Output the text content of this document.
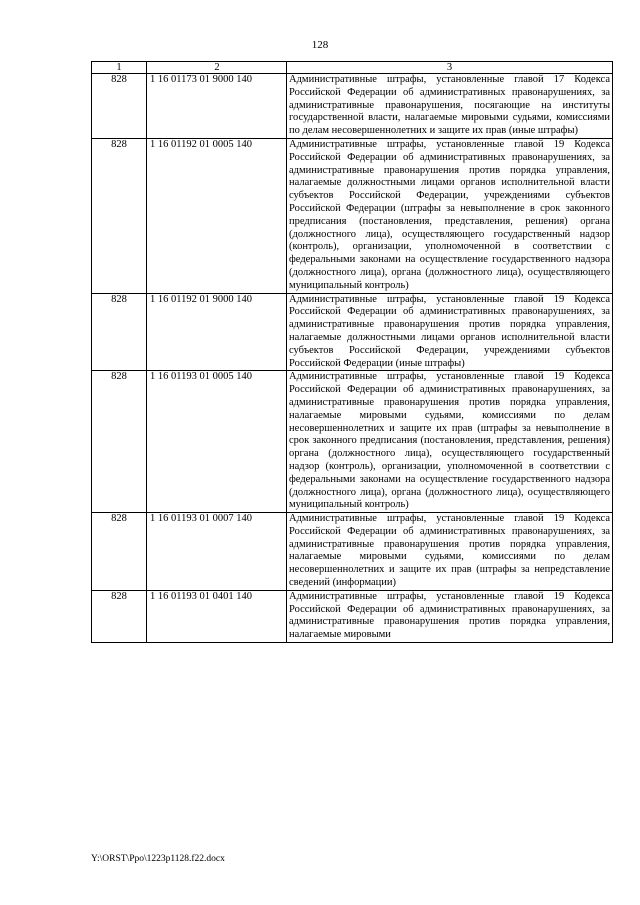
128
1	2	3
828	1 16 01173 01 9000 140	Административные штрафы, установленные главой 17 Кодекса Российской Федерации об административных правонарушениях, за административные правонарушения, посягающие на институты государственной власти, налагаемые мировыми судьями, комиссиями по делам несовершеннолетних и защите их прав (иные штрафы)
828	1 16 01192 01 0005 140	Административные штрафы, установленные главой 19 Кодекса Российской Федерации об административных правонарушениях, за административные правонарушения против порядка управления, налагаемые должностными лицами органов исполнительной власти субъектов Российской Федерации, учреждениями субъектов Российской Федерации (штрафы за невыполнение в срок законного предписания (постановления, представления, решения) органа (должностного лица), осуществляющего государственный надзор (контроль), организации, уполномоченной в соответствии с федеральными законами на осуществление государственного надзора (должностного лица), органа (должностного лица), осуществляющего муниципальный контроль)
828	1 16 01192 01 9000 140	Административные штрафы, установленные главой 19 Кодекса Российской Федерации об административных правонарушениях, за административные правонарушения против порядка управления, налагаемые должностными лицами органов исполнительной власти субъектов Российской Федерации, учреждениями субъектов Российской Федерации (иные штрафы)
828	1 16 01193 01 0005 140	Административные штрафы, установленные главой 19 Кодекса Российской Федерации об административных правонарушениях, за административные правонарушения против порядка управления, налагаемые мировыми судьями, комиссиями по делам несовершеннолетних и защите их прав (штрафы за невыполнение в срок законного предписания (постановления, представления, решения) органа (должностного лица), осуществляющего государственный надзор (контроль), организации, уполномоченной в соответствии с федеральными законами на осуществление государственного надзора (должностного лица), органа (должностного лица), осуществляющего муниципальный контроль)
828	1 16 01193 01 0007 140	Административные штрафы, установленные главой 19 Кодекса Российской Федерации об административных правонарушениях, за административные правонарушения против порядка управления, налагаемые мировыми судьями, комиссиями по делам несовершеннолетних и защите их прав (штрафы за непредставление сведений (информации)
828	1 16 01193 01 0401 140	Административные штрафы, установленные главой 19 Кодекса Российской Федерации об административных правонарушениях, за административные правонарушения против порядка управления, налагаемые мировыми
Y:\ORST\Ppo\1223p1128.f22.docx
